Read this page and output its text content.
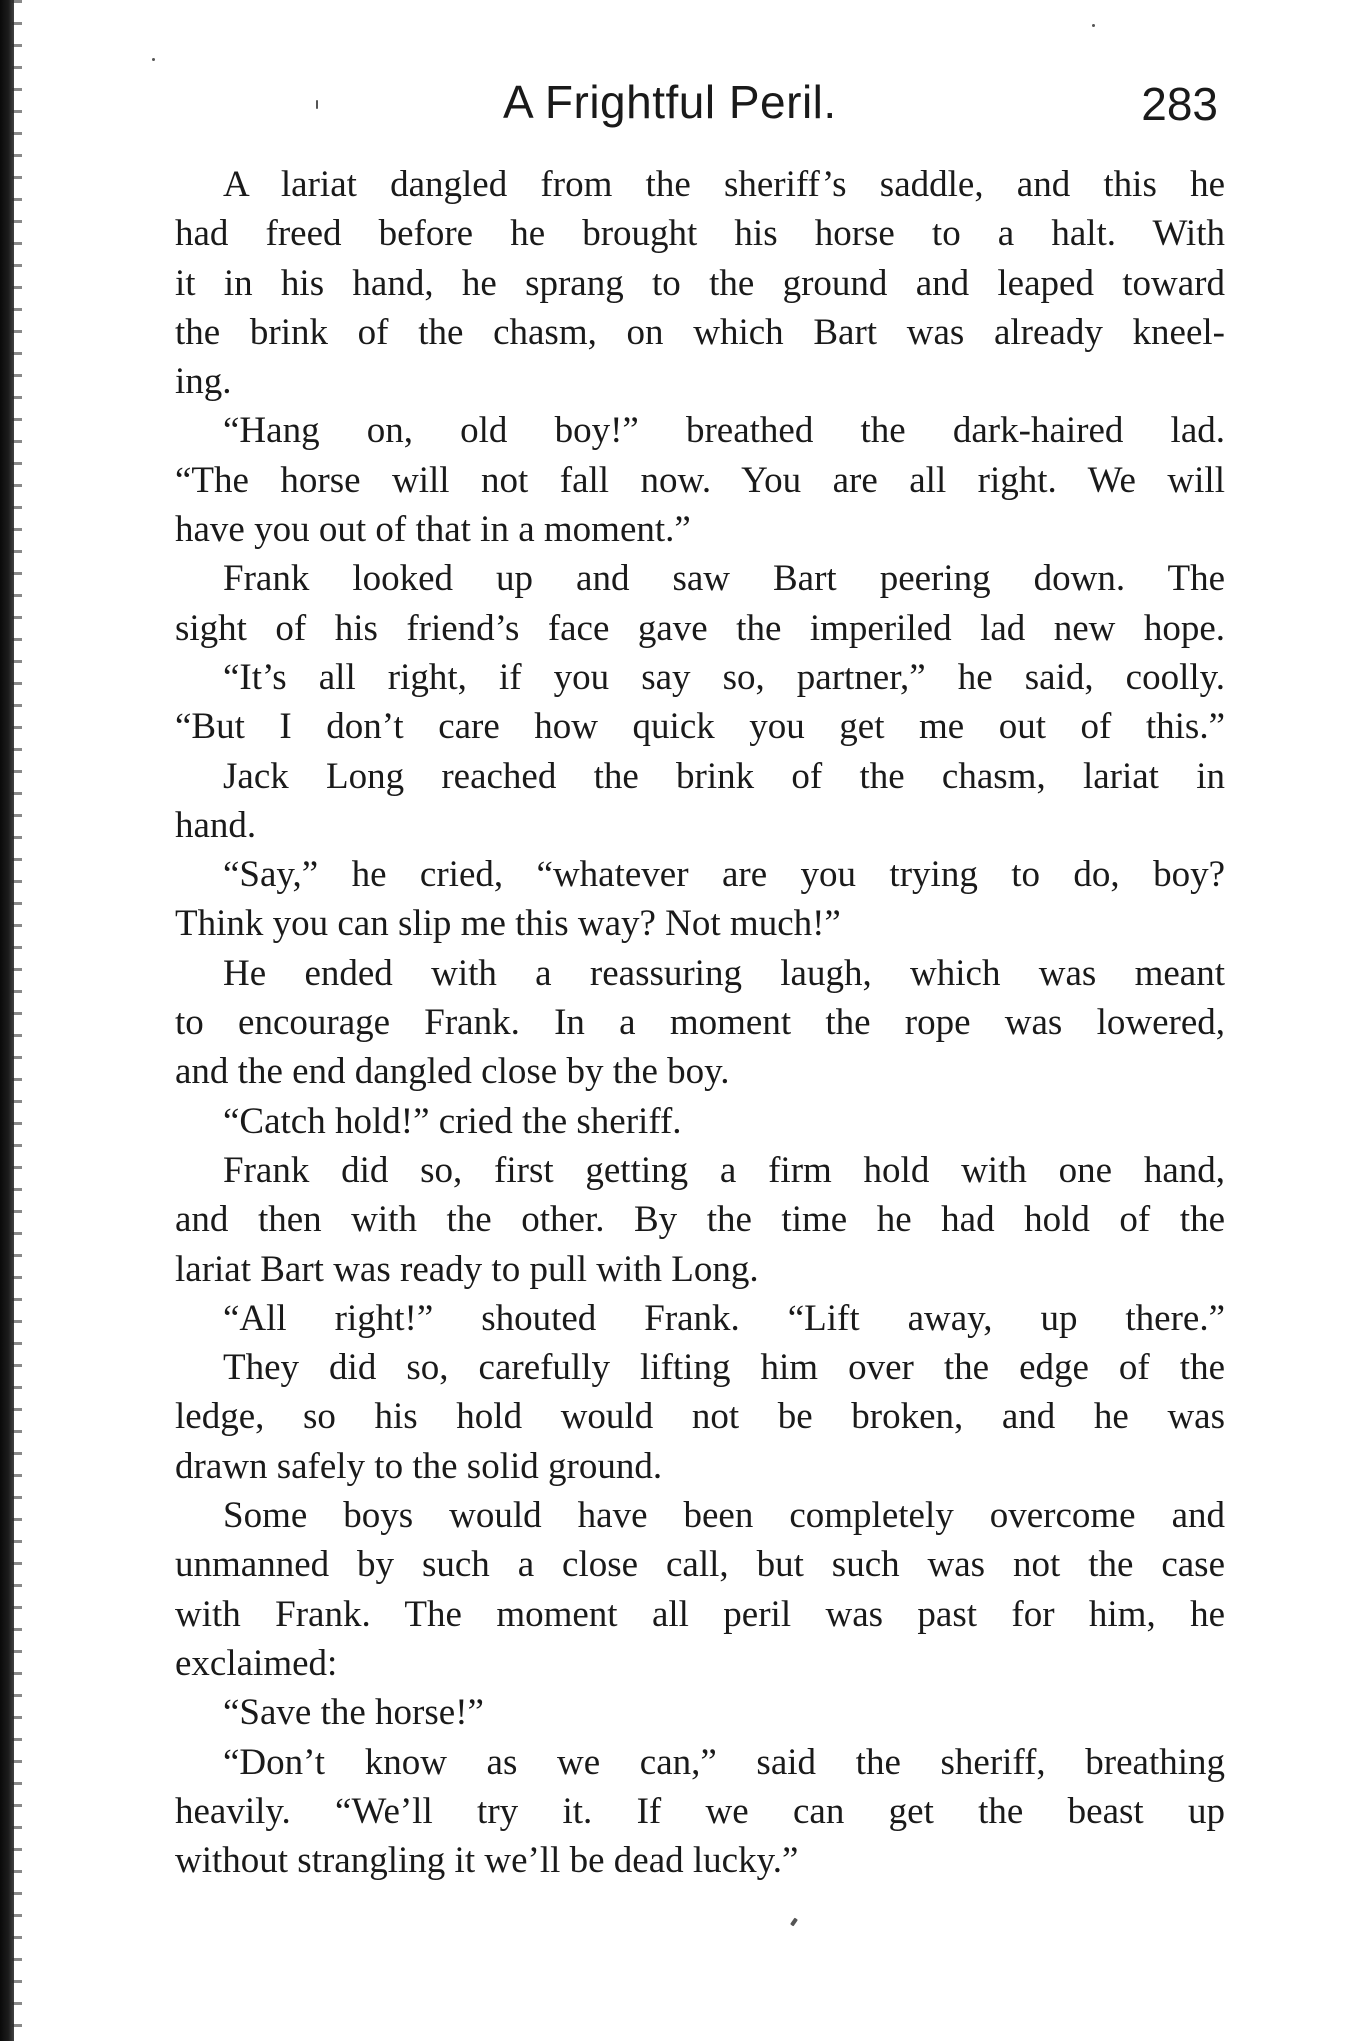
A Frightful Peril.	283
A lariat dangled from the sheriff’s saddle, and this he
had freed before he brought his horse to a halt. With
it in his hand, he sprang to the ground and leaped toward
the brink of the chasm, on which Bart was already kneel-
ing.
“Hang on, old boy!” breathed the dark-haired lad.
“The horse will not fall now. You are all right. We will
have you out of that in a moment.”
Frank looked up and saw Bart peering down. The
sight of his friend’s face gave the imperiled lad new hope.
“It’s all right, if you say so, partner,” he said, coolly.
“But I don’t care how quick you get me out of this.”
Jack Long reached the brink of the chasm, lariat in
hand.
“Say,” he cried, “whatever are you trying to do, boy?
Think you can slip me this way? Not much!”
He ended with a reassuring laugh, which was meant
to encourage Frank. In a moment the rope was lowered,
and the end dangled close by the boy.
“Catch hold!” cried the sheriff.
Frank did so, first getting a firm hold with one hand,
and then with the other. By the time he had hold of the
lariat Bart was ready to pull with Long.
“All right!” shouted Frank. “Lift away, up there.”
They did so, carefully lifting him over the edge of the
ledge, so his hold would not be broken, and he was
drawn safely to the solid ground.
Some boys would have been completely overcome and
unmanned by such a close call, but such was not the case
with Frank. The moment all peril was past for him, he
exclaimed:
“Save the horse!”
“Don’t know as we can,” said the sheriff, breathing
heavily. “We’ll try it. If we can get the beast up
without strangling it we’ll be dead lucky.”
